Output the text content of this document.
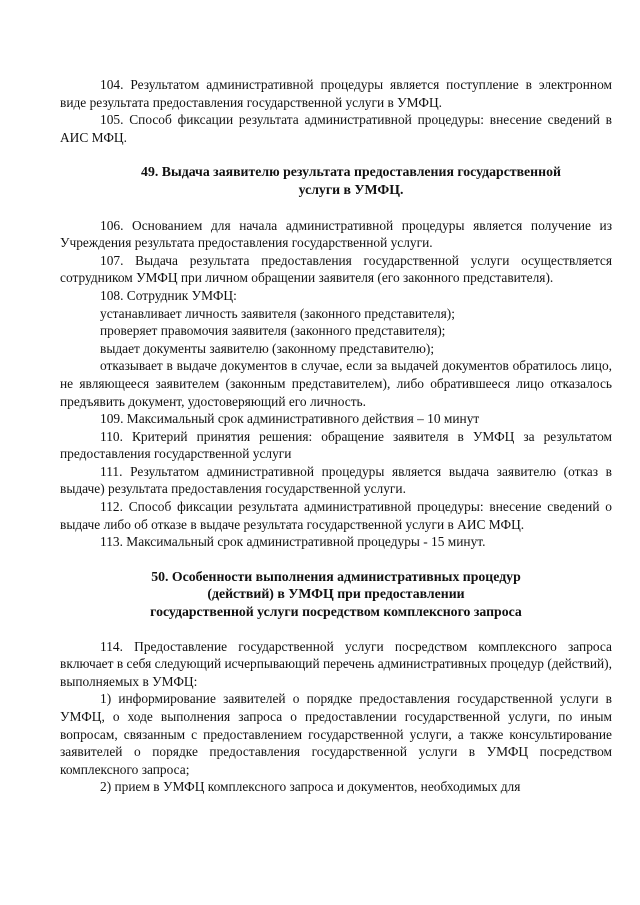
104. Результатом административной процедуры является поступление в электронном виде результата предоставления государственной услуги в УМФЦ.

105. Способ фиксации результата административной процедуры: внесение сведений в АИС МФЦ.

49. Выдача заявителю результата предоставления государственной
услуги в УМФЦ.

106. Основанием для начала административной процедуры является получение из Учреждения результата предоставления государственной услуги.

107. Выдача результата предоставления государственной услуги осуществляется сотрудником УМФЦ при личном обращении заявителя (его законного представителя).

108. Сотрудник УМФЦ:

устанавливает личность заявителя (законного представителя);

проверяет правомочия заявителя (законного представителя);

выдает документы заявителю (законному представителю);

отказывает в выдаче документов в случае, если за выдачей документов обратилось лицо, не являющееся заявителем (законным представителем), либо обратившееся лицо отказалось предъявить документ, удостоверяющий его личность.

109. Максимальный срок административного действия – 10 минут

110. Критерий принятия решения: обращение заявителя в УМФЦ за результатом предоставления государственной услуги

111. Результатом административной процедуры является выдача заявителю (отказ в выдаче) результата предоставления государственной услуги.

112. Способ фиксации результата административной процедуры: внесение сведений о выдаче либо об отказе в выдаче результата государственной услуги в АИС МФЦ.

113. Максимальный срок административной процедуры - 15 минут.

50. Особенности выполнения административных процедур
(действий) в УМФЦ при предоставлении
государственной услуги посредством комплексного запроса

114. Предоставление государственной услуги посредством комплексного запроса включает в себя следующий исчерпывающий перечень административных процедур (действий), выполняемых в УМФЦ:

1) информирование заявителей о порядке предоставления государственной услуги в УМФЦ, о ходе выполнения запроса о предоставлении государственной услуги, по иным вопросам, связанным с предоставлением государственной услуги, а также консультирование заявителей о порядке предоставления государственной услуги в УМФЦ посредством комплексного запроса;

2) прием в УМФЦ комплексного запроса и документов, необходимых для
